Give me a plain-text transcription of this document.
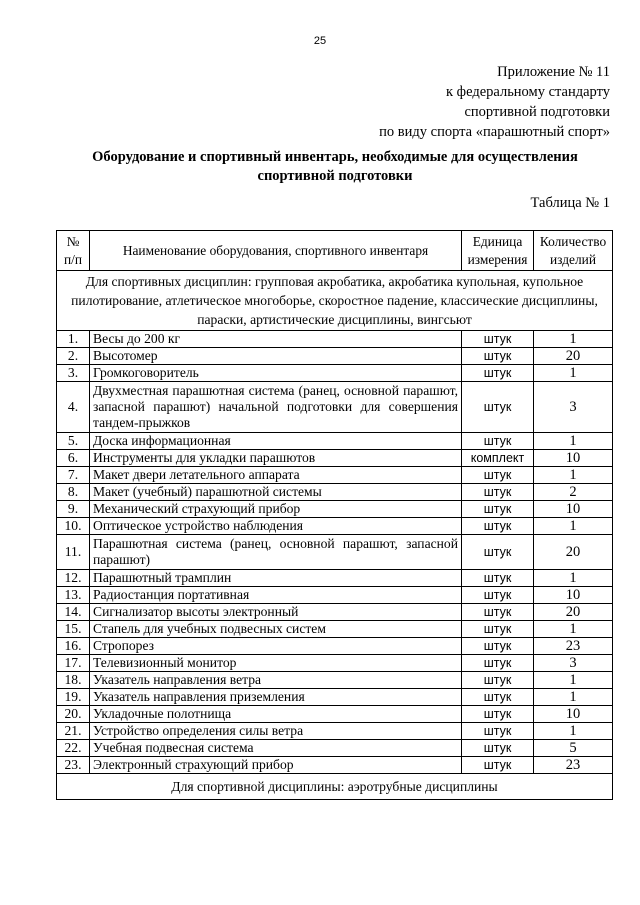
25
Приложение № 11
к федеральному стандарту
спортивной подготовки
по виду спорта «парашютный спорт»
Оборудование и спортивный инвентарь, необходимые для осуществления
спортивной подготовки
Таблица № 1
№ п/п	Наименование оборудования, спортивного инвентаря	Единица измерения	Количество изделий
Для спортивных дисциплин: групповая акробатика, акробатика купольная, купольное пилотирование, атлетическое многоборье, скоростное падение, классические дисциплины, параски, артистические дисциплины, вингсьют			
1.	Весы до 200 кг	штук	1
2.	Высотомер	штук	20
3.	Громкоговоритель	штук	1
4.	Двухместная парашютная система (ранец, основной парашют, запасной парашют) начальной подготовки для совершения тандем-прыжков	штук	3
5.	Доска информационная	штук	1
6.	Инструменты для укладки парашютов	комплект	10
7.	Макет двери летательного аппарата	штук	1
8.	Макет (учебный) парашютной системы	штук	2
9.	Механический страхующий прибор	штук	10
10.	Оптическое устройство наблюдения	штук	1
11.	Парашютная система (ранец, основной парашют, запасной парашют)	штук	20
12.	Парашютный трамплин	штук	1
13.	Радиостанция портативная	штук	10
14.	Сигнализатор высоты электронный	штук	20
15.	Стапель для учебных подвесных систем	штук	1
16.	Стропорез	штук	23
17.	Телевизионный монитор	штук	3
18.	Указатель направления ветра	штук	1
19.	Указатель направления приземления	штук	1
20.	Укладочные полотнища	штук	10
21.	Устройство определения силы ветра	штук	1
22.	Учебная подвесная система	штук	5
23.	Электронный страхующий прибор	штук	23
Для спортивной дисциплины: аэротрубные дисциплины			
